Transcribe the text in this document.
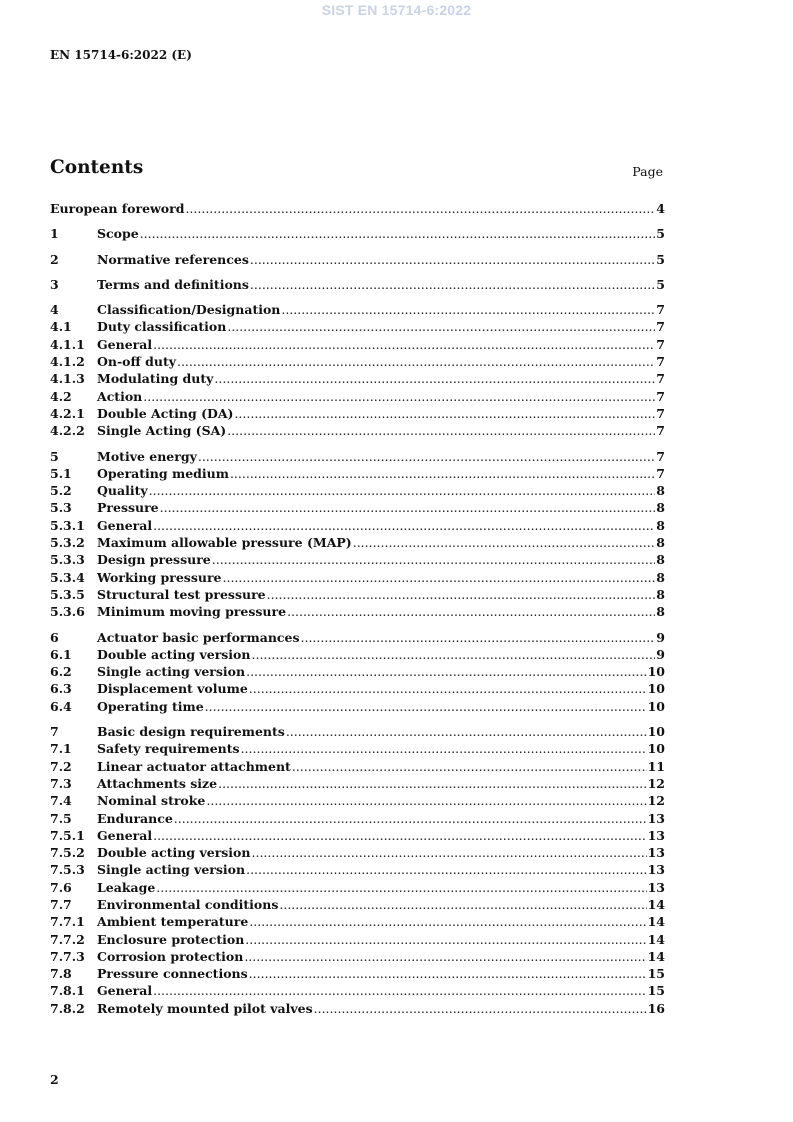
SIST EN 15714-6:2022
EN 15714-6:2022 (E)
Contents	Page
European foreword .....	4
1	Scope .....	5
2	Normative references .....	5
3	Terms and definitions .....	5
4	Classification/Designation .....	7
4.1	Duty classification .....	7
4.1.1 General .....	7
4.1.2 On-off duty .....	7
4.1.3 Modulating duty .....	7
4.2	Action .....	7
4.2.1 Double Acting (DA) .....	7
4.2.2 Single Acting (SA) .....	7
5	Motive energy .....	7
5.1	Operating medium .....	7
5.2	Quality .....	8
5.3	Pressure .....	8
5.3.1 General .....	8
5.3.2 Maximum allowable pressure (MAP) .....	8
5.3.3 Design pressure .....	8
5.3.4 Working pressure .....	8
5.3.5 Structural test pressure .....	8
5.3.6 Minimum moving pressure .....	8
6	Actuator basic performances .....	9
6.1	Double acting version .....	9
6.2	Single acting version .....	10
6.3	Displacement volume .....	10
6.4	Operating time .....	10
7	Basic design requirements .....	10
7.1	Safety requirements .....	10
7.2	Linear actuator attachment .....	11
7.3	Attachments size .....	12
7.4	Nominal stroke .....	12
7.5	Endurance .....	13
7.5.1 General .....	13
7.5.2 Double acting version .....	13
7.5.3 Single acting version .....	13
7.6	Leakage .....	13
7.7	Environmental conditions .....	14
7.7.1 Ambient temperature .....	14
7.7.2 Enclosure protection .....	14
7.7.3 Corrosion protection .....	14
7.8	Pressure connections .....	15
7.8.1 General .....	15
7.8.2 Remotely mounted pilot valves .....	16
2
